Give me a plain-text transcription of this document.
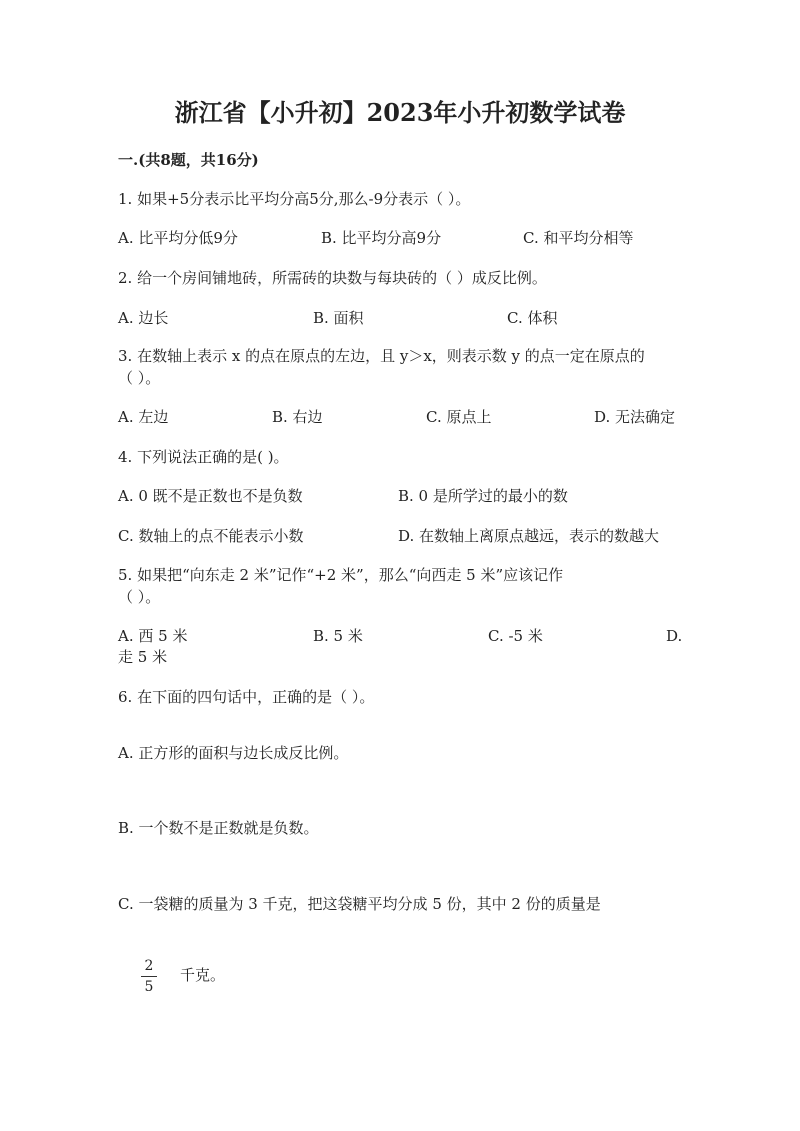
浙江省【小升初】2023年小升初数学试卷
一.(共8题，共16分)
1. 如果+5分表示比平均分高5分,那么-9分表示（ ）。
A. 比平均分低9分	B. 比平均分高9分	C. 和平均分相等
2. 给一个房间铺地砖，所需砖的块数与每块砖的（ ）成反比例。
A. 边长	B. 面积	C. 体积
3. 在数轴上表示 x 的点在原点的左边，且 y＞x，则表示数 y 的点一定在原点的
（ ）。
A. 左边	B. 右边	C. 原点上	D. 无法确定
4. 下列说法正确的是( )。
A. 0 既不是正数也不是负数	B. 0 是所学过的最小的数
C. 数轴上的点不能表示小数	D. 在数轴上离原点越远，表示的数越大
5. 如果把“向东走 2 米”记作“+2 米”，那么“向西走 5 米”应该记作
（ ）。
A. 西 5 米	B. 5 米	C. -5 米	D.
走 5 米
6. 在下面的四句话中，正确的是（ ）。
A. 正方形的面积与边长成反比例。
B. 一个数不是正数就是负数。
C. 一袋糖的质量为 3 千克，把这袋糖平均分成 5 份，其中 2 份的质量是
2
5
千克。
